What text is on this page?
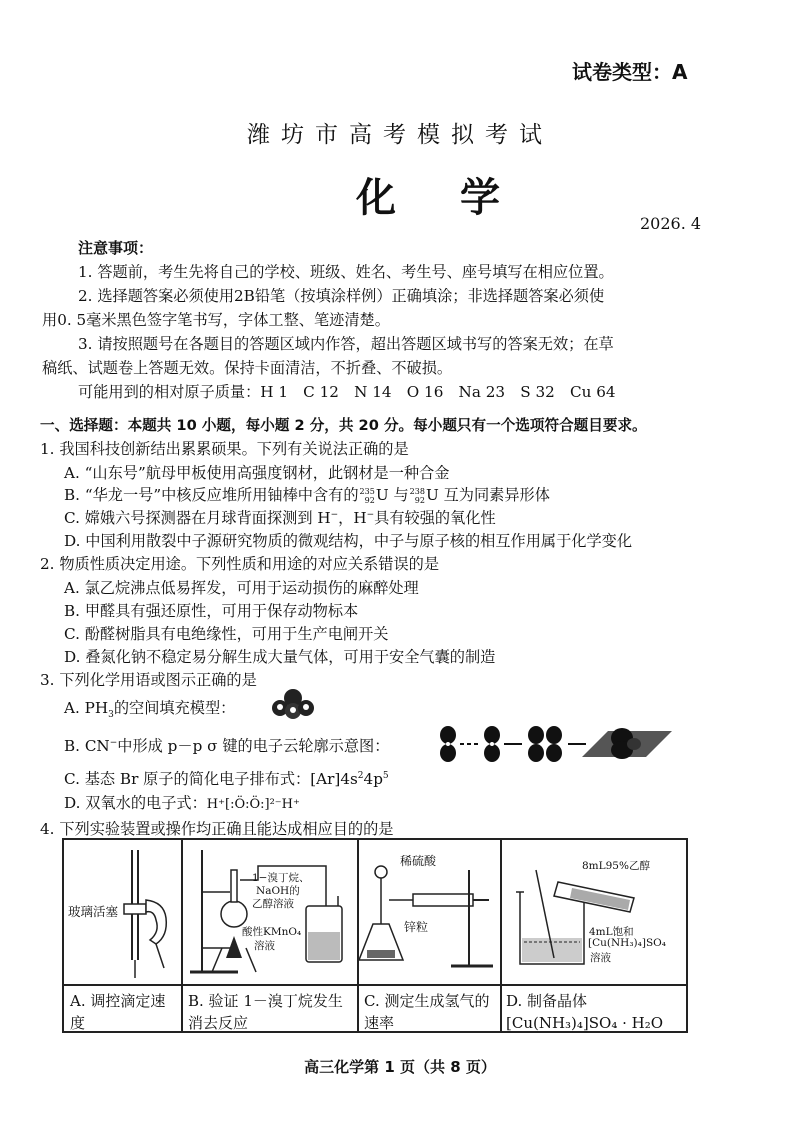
试卷类型：A
潍坊市高考模拟考试
化学
2026. 4
注意事项：
1. 答题前，考生先将自己的学校、班级、姓名、考生号、座号填写在相应位置。
2. 选择题答案必须使用2B铅笔（按填涂样例）正确填涂；非选择题答案必须使
用0. 5毫米黑色签字笔书写，字体工整、笔迹清楚。
3. 请按照题号在各题目的答题区域内作答，超出答题区域书写的答案无效；在草
稿纸、试题卷上答题无效。保持卡面清洁，不折叠、不破损。
可能用到的相对原子质量：H 1　C 12　N 14　O 16　Na 23　S 32　Cu 64
一、选择题：本题共 10 小题，每小题 2 分，共 20 分。每小题只有一个选项符合题目要求。
1. 我国科技创新结出累累硕果。下列有关说法正确的是
A. “山东号”航母甲板使用高强度钢材，此钢材是一种合金
B. “华龙一号”中核反应堆所用铀棒中含有的235
92U 与238
92U 互为同素异形体
C. 嫦娥六号探测器在月球背面探测到 H−，H−具有较强的氧化性
D. 中国利用散裂中子源研究物质的微观结构，中子与原子核的相互作用属于化学变化
2. 物质性质决定用途。下列性质和用途的对应关系错误的是
A. 氯乙烷沸点低易挥发，可用于运动损伤的麻醉处理
B. 甲醛具有强还原性，可用于保存动物标本
C. 酚醛树脂具有电绝缘性，可用于生产电闸开关
D. 叠氮化钠不稳定易分解生成大量气体，可用于安全气囊的制造
3. 下列化学用语或图示正确的是
A. $PH_3$的空间填充模型：
B. CN−中形成 p－p σ 键的电子云轮廓示意图：
C. 基态 Br 原子的简化电子排布式：$[Ar]4s^24p^5$
D. 双氧水的电子式：H⁺[:Ö:Ö:]²⁻H⁺
4. 下列实验装置或操作均正确且能达成相应目的的是
玻璃活塞
1−溴丁烷、
NaOH的
乙醇溶液
酸性KMnO₄
溶液
稀硫酸
锌粒
8mL95%乙醇
4mL饱和
[Cu(NH₃)₄]SO₄
溶液
A. 调控滴定速度
B. 验证 1－溴丁烷发生消去反应
C. 测定生成氢气的速率
D. 制备晶体
[Cu(NH₃)₄]SO₄ · H₂O
高三化学第 1 页（共 8 页）
